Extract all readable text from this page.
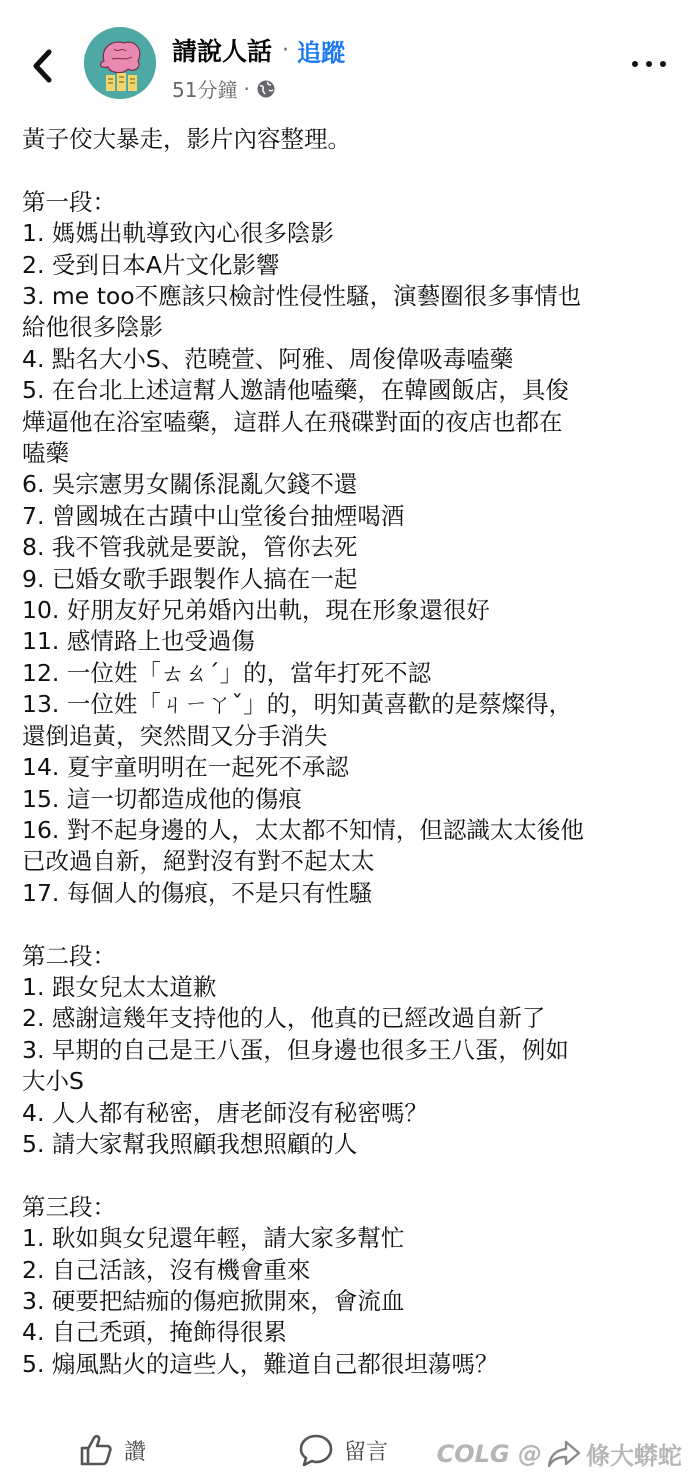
請說人話 · 追蹤
51分鐘 ·

黃子佼大暴走，影片內容整理。

第一段：

1. 媽媽出軌導致內心很多陰影

2. 受到日本A片文化影響

3. me too不應該只檢討性侵性騷，演藝圈很多事情也

給他很多陰影

4. 點名大小S、范曉萱、阿雅、周俊偉吸毒嗑藥

5. 在台北上述這幫人邀請他嗑藥，在韓國飯店，具俊

燁逼他在浴室嗑藥，這群人在飛碟對面的夜店也都在

嗑藥

6. 吳宗憲男女關係混亂欠錢不還

7. 曾國城在古蹟中山堂後台抽煙喝酒

8. 我不管我就是要說，管你去死

9. 已婚女歌手跟製作人搞在一起

10. 好朋友好兄弟婚內出軌，現在形象還很好

11. 感情路上也受過傷

12. 一位姓「ㄊㄠˊ」的，當年打死不認

13. 一位姓「ㄐㄧㄚˇ」的，明知黃喜歡的是蔡燦得，

還倒追黃，突然間又分手消失

14. 夏宇童明明在一起死不承認

15. 這一切都造成他的傷痕

16. 對不起身邊的人，太太都不知情，但認識太太後他

已改過自新，絕對沒有對不起太太

17. 每個人的傷痕，不是只有性騷

第二段：

1. 跟女兒太太道歉

2. 感謝這幾年支持他的人，他真的已經改過自新了

3. 早期的自己是王八蛋，但身邊也很多王八蛋，例如

大小S

4. 人人都有秘密，唐老師沒有秘密嗎？

5. 請大家幫我照顧我想照顧的人

第三段：

1. 耿如與女兒還年輕，請大家多幫忙

2. 自己活該，沒有機會重來

3. 硬要把結痂的傷疤掀開來，會流血

4. 自己禿頭，掩飾得很累

5. 煽風點火的這些人，難道自己都很坦蕩嗎？

讚	留言 COLG @ 條大蟒蛇
